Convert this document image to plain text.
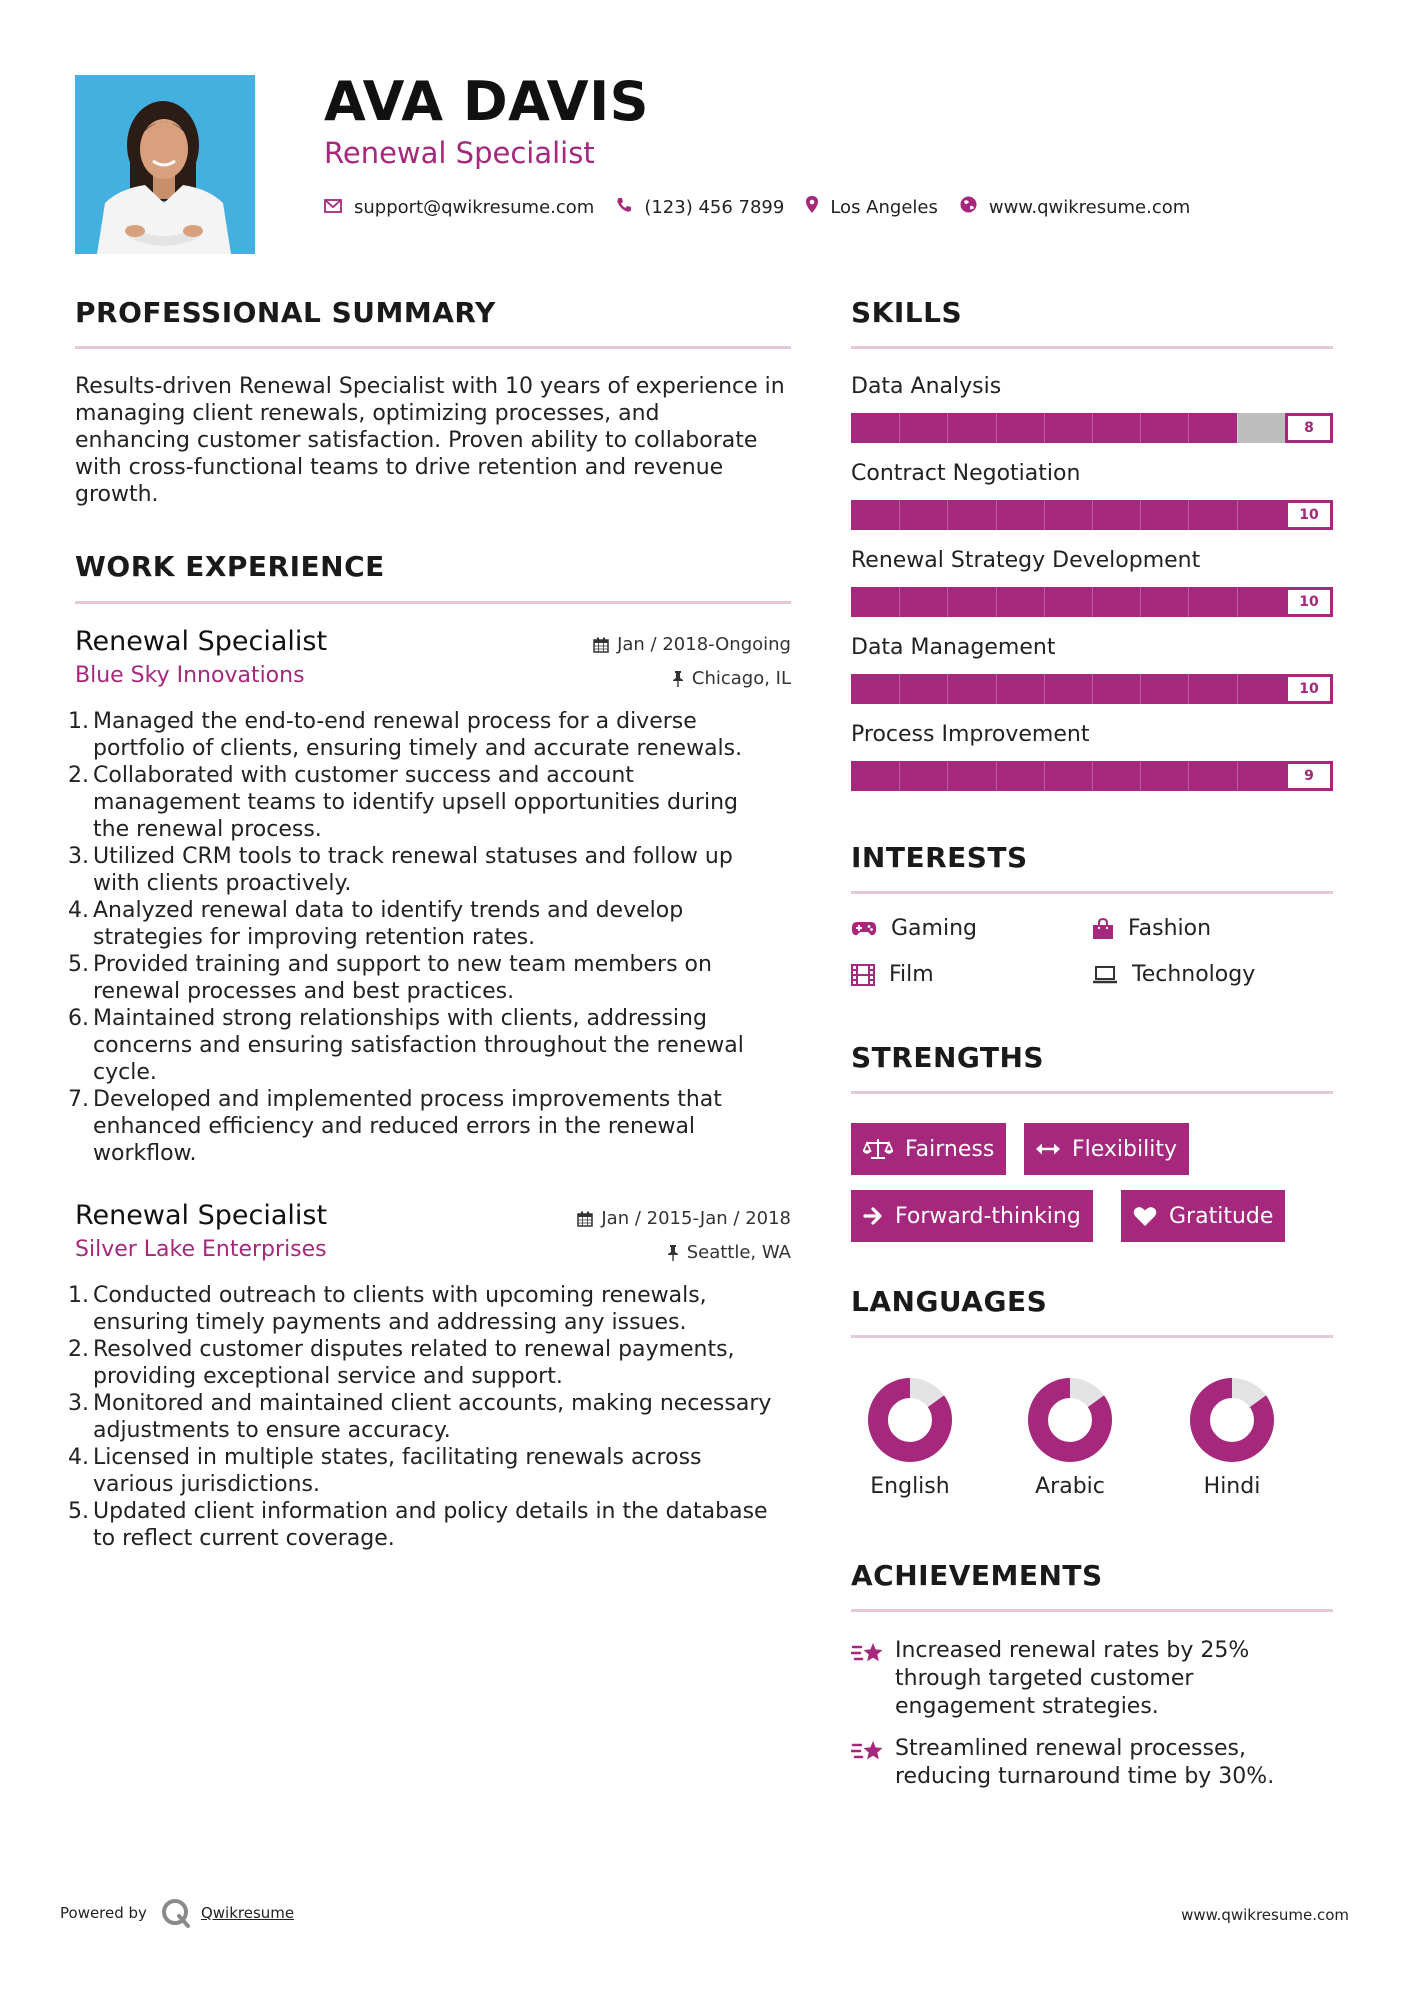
AVA DAVIS
Renewal Specialist
support@qwikresume.com	(123) 456 7899	Los Angeles	www.qwikresume.com
PROFESSIONAL SUMMARY
Results-driven Renewal Specialist with 10 years of experience in
managing client renewals, optimizing processes, and
enhancing customer satisfaction. Proven ability to collaborate
with cross-functional teams to drive retention and revenue
growth.
WORK EXPERIENCE
Renewal Specialist
Blue Sky Innovations
Jan / 2018-Ongoing
Chicago, IL
1. Managed the end-to-end renewal process for a diverse
portfolio of clients, ensuring timely and accurate renewals.
2. Collaborated with customer success and account
management teams to identify upsell opportunities during
the renewal process.
3. Utilized CRM tools to track renewal statuses and follow up
with clients proactively.
4. Analyzed renewal data to identify trends and develop
strategies for improving retention rates.
5. Provided training and support to new team members on
renewal processes and best practices.
6. Maintained strong relationships with clients, addressing
concerns and ensuring satisfaction throughout the renewal
cycle.
7. Developed and implemented process improvements that
enhanced efficiency and reduced errors in the renewal
workflow.
Renewal Specialist
Silver Lake Enterprises
Jan / 2015-Jan / 2018
Seattle, WA
1. Conducted outreach to clients with upcoming renewals,
ensuring timely payments and addressing any issues.
2. Resolved customer disputes related to renewal payments,
providing exceptional service and support.
3. Monitored and maintained client accounts, making necessary
adjustments to ensure accuracy.
4. Licensed in multiple states, facilitating renewals across
various jurisdictions.
5. Updated client information and policy details in the database
to reflect current coverage.
SKILLS
Data Analysis
8
Contract Negotiation
10
Renewal Strategy Development
10
Data Management
10
Process Improvement
9
INTERESTS
Gaming	Fashion
Film	Technology
STRENGTHS
Fairness	Flexibility
Forward-thinking	Gratitude
LANGUAGES
English	Arabic	Hindi
ACHIEVEMENTS
Increased renewal rates by 25%
through targeted customer
engagement strategies.
Streamlined renewal processes,
reducing turnaround time by 30%.
Powered by	Qwikresume	www.qwikresume.com
